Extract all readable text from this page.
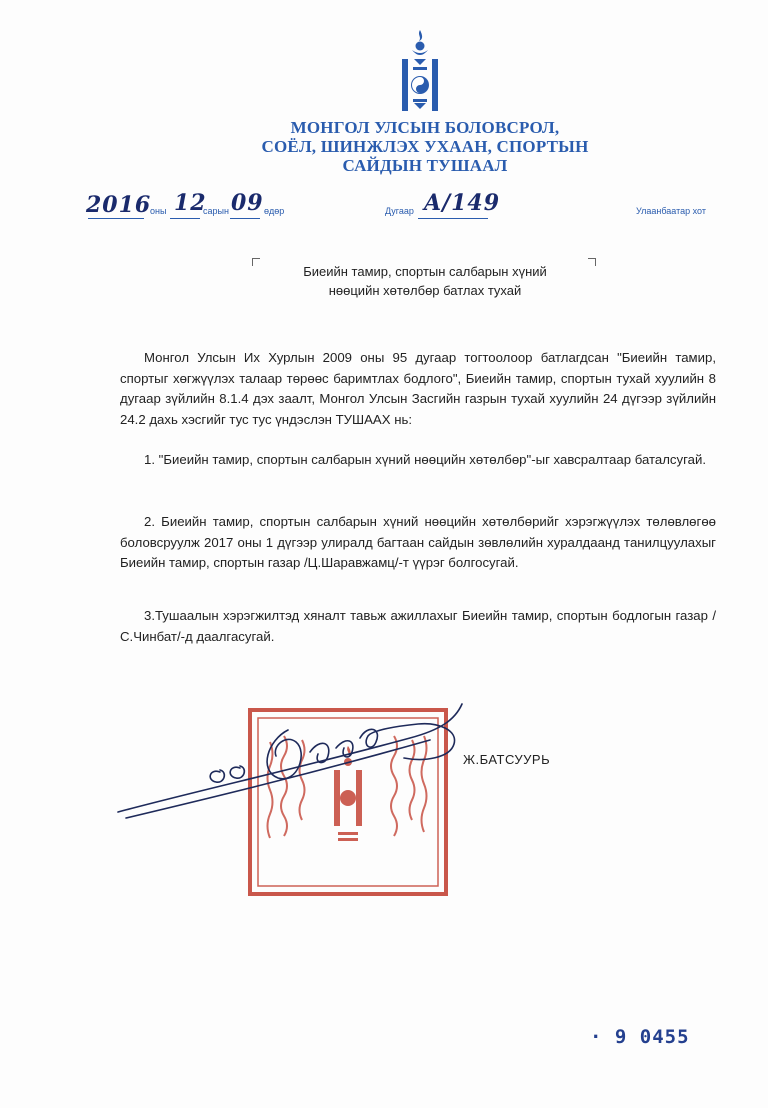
МОНГОЛ УЛСЫН БОЛОВСРОЛ,
СОЁЛ, ШИНЖЛЭХ УХААН, СПОРТЫН
САЙДЫН ТУШААЛ
2016
оны 12
сарын 09 өдөр	Дугаар A/149	Улаанбаатар хот
Биеийн тамир, спортын салбарын хүний
нөөцийн хөтөлбөр батлах тухай

Монгол Улсын Их Хурлын 2009 оны 95 дугаар тогтоолоор батлагдсан "Биеийн тамир, спортыг хөгжүүлэх талаар төрөөс баримтлах бодлого", Биеийн тамир, спортын тухай хуулийн 8 дугаар зүйлийн 8.1.4 дэх заалт, Монгол Улсын Засгийн газрын тухай хуулийн 24 дүгээр зүйлийн 24.2 дахь хэсгийг тус тус үндэслэн ТУШААХ нь:

1. "Биеийн тамир, спортын салбарын хүний нөөцийн хөтөлбөр"-ыг хавсралтаар баталсугай.

2. Биеийн тамир, спортын салбарын хүний нөөцийн хөтөлбөрийг хэрэгжүүлэх төлөвлөгөө боловсруулж 2017 оны 1 дүгээр улиралд багтаан сайдын зөвлөлийн хуралдаанд танилцуулахыг Биеийн тамир, спортын газар /Ц.Шаравжамц/-т үүрэг болгосугай.

3.Тушаалын хэрэгжилтэд хяналт тавьж ажиллахыг Биеийн тамир, спортын бодлогын газар /С.Чинбат/-д даалгасугай.

Ж.БАТСУУРЬ
· 9 0455
